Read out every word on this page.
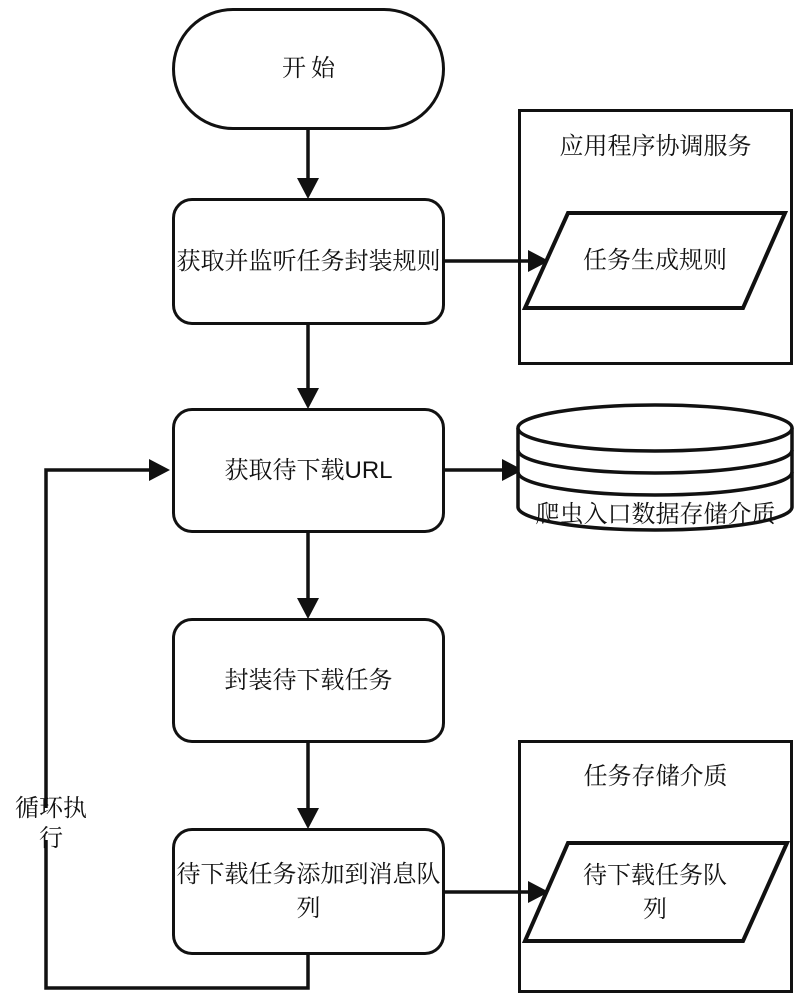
应用程序协调服务
任务存储介质
开始
获取并监听任务封装规则
获取待下载URL
封装待下载任务
待下载任务添加到消息队列
任务生成规则
爬虫入口数据存储介质
待下载任务队列
循环执行
